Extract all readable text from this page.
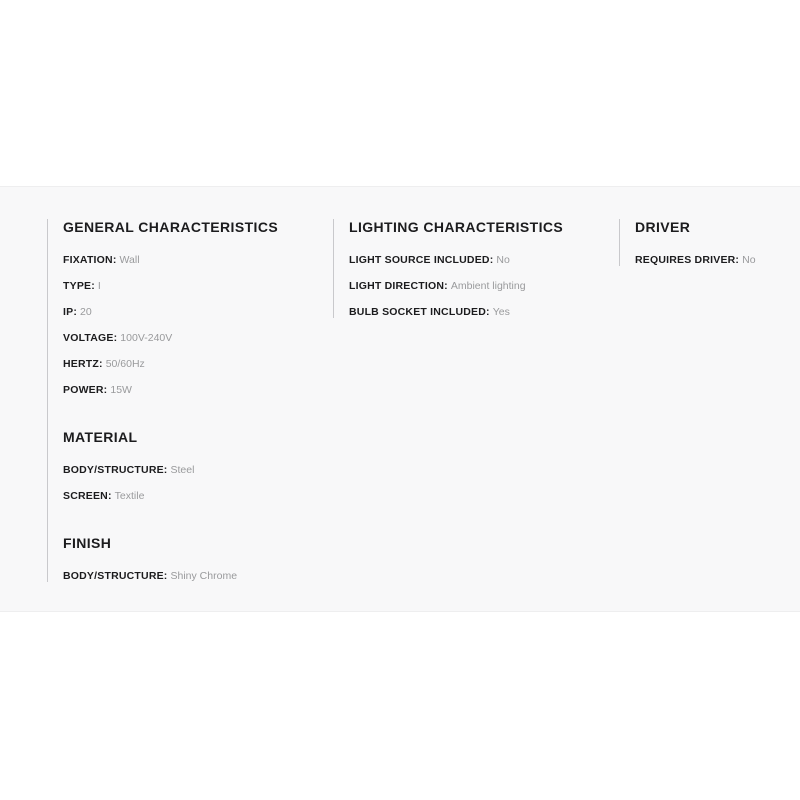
GENERAL CHARACTERISTICS
FIXATION: Wall
TYPE: I
IP: 20
VOLTAGE: 100V-240V
HERTZ: 50/60Hz
POWER: 15W
MATERIAL
BODY/STRUCTURE: Steel
SCREEN: Textile
FINISH
BODY/STRUCTURE: Shiny Chrome
LIGHTING CHARACTERISTICS
LIGHT SOURCE INCLUDED: No
LIGHT DIRECTION: Ambient lighting
BULB SOCKET INCLUDED: Yes
DRIVER
REQUIRES DRIVER: No
